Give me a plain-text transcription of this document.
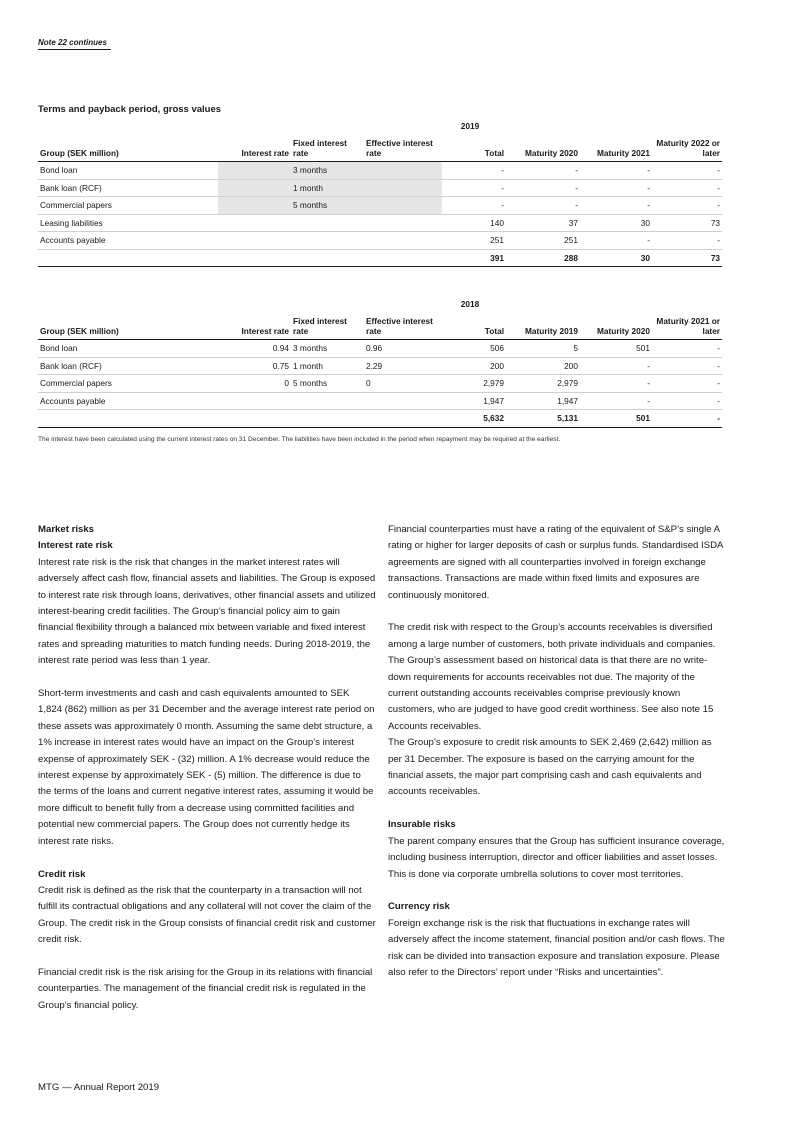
Note 22 continues
Terms and payback period, gross values
	2019						
Group (SEK million)	Interest rate	Fixed interest rate	Effective interest rate	Total	Maturity 2020	Maturity 2021	Maturity 2022 or later
Bond loan		3 months		-	-	-	-
Bank loan (RCF)		1 month		-	-	-	-
Commercial papers		5 months		-	-	-	-
Leasing liabilities				140	37	30	73
Accounts payable				251	251	-	-
				391	288	30	73
	2018						
Group (SEK million)	Interest rate	Fixed interest rate	Effective interest rate	Total	Maturity 2019	Maturity 2020	Maturity 2021 or later
Bond loan	0.94	3 months	0.96	506	5	501	-
Bank loan (RCF)	0.75	1 month	2.29	200	200	-	-
Commercial papers	0	5 months	0	2,979	2,979	-	-
Accounts payable				1,947	1,947	-	-
				5,632	5,131	501	-
The interest have been calculated using the current interest rates on 31 December. The liabilities have been included in the period when repayment may be required at the earliest.

Market risks

Interest rate risk

Interest rate risk is the risk that changes in the market interest rates will adversely affect cash flow, financial assets and liabilities. The Group is exposed to interest rate risk through loans, derivatives, other financial assets and utilized interest-bearing credit facilities. The Group’s financial policy aim to gain financial flexibility through a balanced mix between variable and fixed interest rates and spreading maturities to match funding needs. During 2018-2019, the interest rate period was less than 1 year.

Short-term investments and cash and cash equivalents amounted to SEK 1,824 (862) million as per 31 December and the average interest rate period on these assets was approximately 0 month. Assuming the same debt structure, a 1% increase in interest rates would have an impact on the Group’s interest expense of approximately SEK - (32) million. A 1% decrease would reduce the interest expense by approximately SEK - (5) million. The difference is due to the terms of the loans and current negative interest rates, assuming it would be more difficult to benefit fully from a decrease using committed facilities and potential new commercial papers. The Group does not currently hedge its interest rate risks.

Credit risk

Credit risk is defined as the risk that the counterparty in a transaction will not fulfill its contractual obligations and any collateral will not cover the claim of the Group. The credit risk in the Group consists of financial credit risk and customer credit risk.

Financial credit risk is the risk arising for the Group in its relations with financial counterparties. The management of the financial credit risk is regulated in the Group’s financial policy.

Financial counterparties must have a rating of the equivalent of S&P’s single A rating or higher for larger deposits of cash or surplus funds. Standardised ISDA agreements are signed with all counterparties involved in foreign exchange transactions. Transactions are made within fixed limits and exposures are continuously monitored.

The credit risk with respect to the Group’s accounts receivables is diversified among a large number of customers, both private individuals and companies. The Group’s assessment based on historical data is that there are no write-down requirements for accounts receivables not due. The majority of the current outstanding accounts receivables comprise previously known customers, who are judged to have good credit worthiness. See also note 15 Accounts receivables.

The Group’s exposure to credit risk amounts to SEK 2,469 (2,642) million as per 31 December. The exposure is based on the carrying amount for the financial assets, the major part comprising cash and cash equivalents and accounts receivables.

Insurable risks

The parent company ensures that the Group has sufficient insurance coverage, including business interruption, director and officer liabilities and asset losses. This is done via corporate umbrella solutions to cover most territories.

Currency risk

Foreign exchange risk is the risk that fluctuations in exchange rates will adversely affect the income statement, financial position and/or cash flows. The risk can be divided into transaction exposure and translation exposure. Please also refer to the Directors’ report under “Risks and uncertainties”.

MTG — Annual Report 2019
